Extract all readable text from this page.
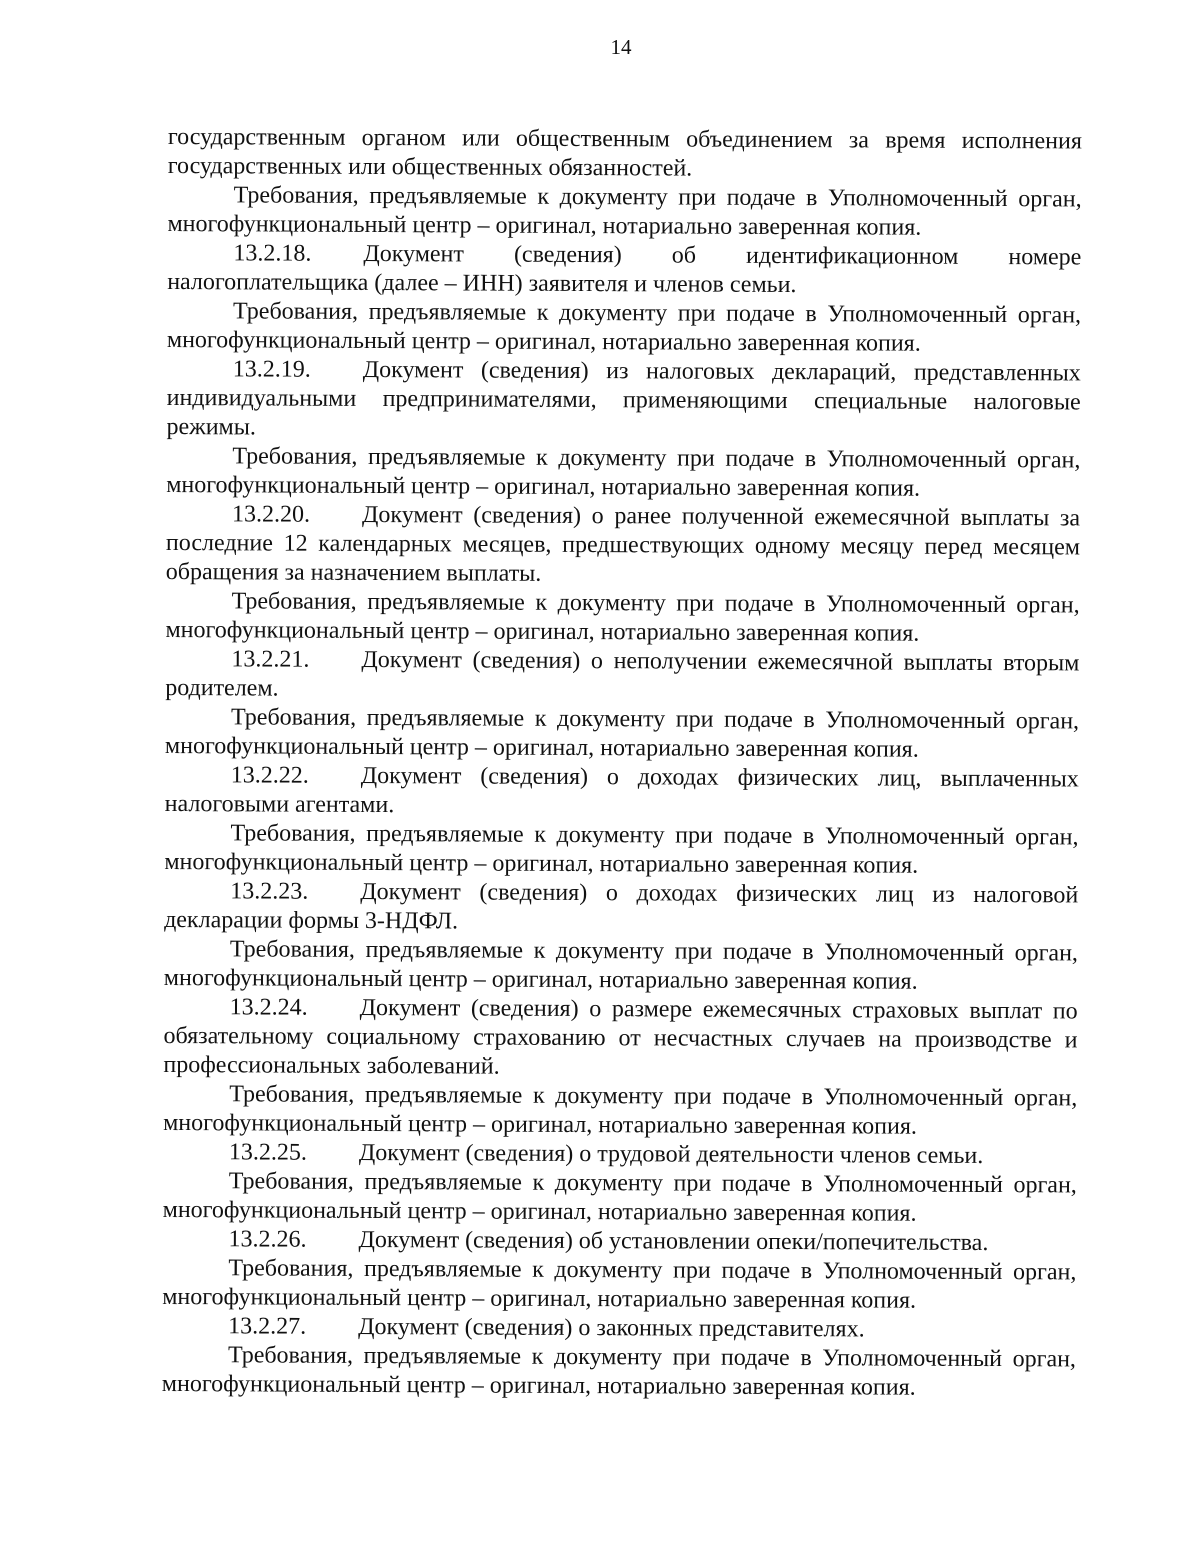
14

государственным органом или общественным объединением за время исполнения государственных или общественных обязанностей.

Требования, предъявляемые к документу при подаче в Уполномоченный орган, многофункциональный центр – оригинал, нотариально заверенная копия.

13.2.18. Документ (сведения) об идентификационном номере налогоплательщика (далее – ИНН) заявителя и членов семьи.

Требования, предъявляемые к документу при подаче в Уполномоченный орган, многофункциональный центр – оригинал, нотариально заверенная копия.

13.2.19. Документ (сведения) из налоговых деклараций, представленных индивидуальными предпринимателями, применяющими специальные налоговые режимы.

Требования, предъявляемые к документу при подаче в Уполномоченный орган, многофункциональный центр – оригинал, нотариально заверенная копия.

13.2.20. Документ (сведения) о ранее полученной ежемесячной выплаты за последние 12 календарных месяцев, предшествующих одному месяцу перед месяцем обращения за назначением выплаты.

Требования, предъявляемые к документу при подаче в Уполномоченный орган, многофункциональный центр – оригинал, нотариально заверенная копия.

13.2.21. Документ (сведения) о неполучении ежемесячной выплаты вторым родителем.

Требования, предъявляемые к документу при подаче в Уполномоченный орган, многофункциональный центр – оригинал, нотариально заверенная копия.

13.2.22. Документ (сведения) о доходах физических лиц, выплаченных налоговыми агентами.

Требования, предъявляемые к документу при подаче в Уполномоченный орган, многофункциональный центр – оригинал, нотариально заверенная копия.

13.2.23. Документ (сведения) о доходах физических лиц из налоговой декларации формы 3-НДФЛ.

Требования, предъявляемые к документу при подаче в Уполномоченный орган, многофункциональный центр – оригинал, нотариально заверенная копия.

13.2.24. Документ (сведения) о размере ежемесячных страховых выплат по обязательному социальному страхованию от несчастных случаев на производстве и профессиональных заболеваний.

Требования, предъявляемые к документу при подаче в Уполномоченный орган, многофункциональный центр – оригинал, нотариально заверенная копия.

13.2.25. Документ (сведения) о трудовой деятельности членов семьи.

Требования, предъявляемые к документу при подаче в Уполномоченный орган, многофункциональный центр – оригинал, нотариально заверенная копия.

13.2.26. Документ (сведения) об установлении опеки/попечительства.

Требования, предъявляемые к документу при подаче в Уполномоченный орган, многофункциональный центр – оригинал, нотариально заверенная копия.

13.2.27. Документ (сведения) о законных представителях.

Требования, предъявляемые к документу при подаче в Уполномоченный орган, многофункциональный центр – оригинал, нотариально заверенная копия.
